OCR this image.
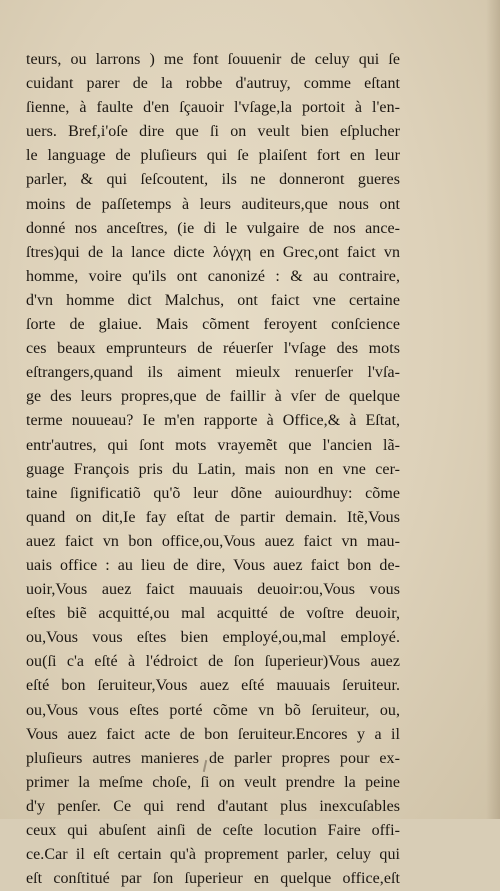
teurs, ou larrons ) me font ſouuenir de celuy qui ſe
cuidant parer de la robbe d'autruy, comme eſtant
ſienne, à faulte d'en ſçauoir l'vſage,la portoit à l'en-
uers. Bref,i'oſe dire que ſi on veult bien eſplucher
le language de pluſieurs qui ſe plaiſent fort en leur
parler, & qui ſeſcoutent, ils ne donneront gueres
moins de paſſetemps à leurs auditeurs,que nous ont
donné nos anceſtres, (ie di le vulgaire de nos ance-
ſtres)qui de la lance dicte λόγχη en Grec,ont faict vn
homme, voire qu'ils ont canonizé : & au contraire,
d'vn homme dict Malchus, ont faict vne certaine
ſorte de glaiue. Mais cõment feroyent conſcience
ces beaux emprunteurs de réuerſer l'vſage des mots
eſtrangers,quand ils aiment mieulx renuerſer l'vſa-
ge des leurs propres,que de faillir à vſer de quelque
terme nouueau? Ie m'en rapporte à Office,& à Eſtat,
entr'autres, qui ſont mots vrayemẽt que l'ancien lã-
guage François pris du Latin, mais non en vne cer-
taine ſignificatiõ qu'õ leur dõne auiourdhuy: cõme
quand on dit,Ie fay eſtat de partir demain. Itẽ,Vous
auez faict vn bon office,ou,Vous auez faict vn mau-
uais office : au lieu de dire, Vous auez faict bon de-
uoir,Vous auez faict mauuais deuoir:ou,Vous vous
eſtes biẽ acquitté,ou mal acquitté de voſtre deuoir,
ou,Vous vous eſtes bien employé,ou,mal employé.
ou(ſi c'a eſté à l'édroict de ſon ſuperieur)Vous auez
eſté bon ſeruiteur,Vous auez eſté mauuais ſeruiteur.
ou,Vous vous eſtes porté cõme vn bõ ſeruiteur, ou,
Vous auez faict acte de bon ſeruiteur.Encores y a il
pluſieurs autres manieres de parler propres pour ex-
primer la meſme choſe, ſi on veult prendre la peine
d'y penſer. Ce qui rend d'autant plus inexcuſables
ceux qui abuſent ainſi de ceſte locution Faire offi-
ce.Car il eſt certain qu'à proprement parler, celuy qui
eſt conſtitué par ſon ſuperieur en quelque office,eſt
